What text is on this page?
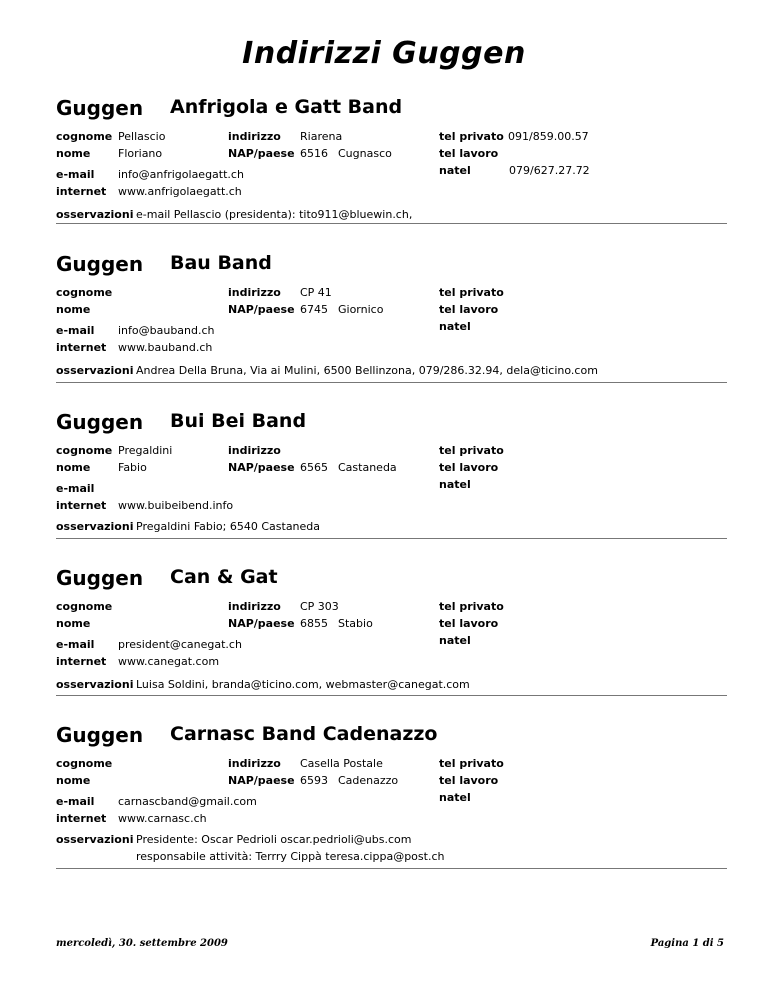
Indirizzi Guggen
Guggen Anfrigola e Gatt Band
cognome Pellascio
nome	Floriano
e-mail info@anfrigolaegatt.ch
internet www.anfrigolaegatt.ch
indirizzo Riarena
NAP/paese 6516 Cugnasco
tel privato 091/859.00.57
tel lavoro
natel	079/627.27.72
osservazioni e-mail Pellascio (presidenta): tito911@bluewin.ch,
Guggen Bau Band
cognome
nome
e-mail info@bauband.ch
internet www.bauband.ch
indirizzo CP 41
NAP/paese 6745 Giornico
tel privato
tel lavoro
natel
osservazioni Andrea Della Bruna, Via ai Mulini, 6500 Bellinzona, 079/286.32.94, dela@ticino.com
Guggen Bui Bei Band
cognome Pregaldini
nome	Fabio
e-mail
internet www.buibeibend.info
indirizzo
NAP/paese 6565 Castaneda
tel privato
tel lavoro
natel
osservazioni Pregaldini Fabio; 6540 Castaneda
Guggen Can & Gat
cognome
nome
e-mail president@canegat.ch
internet www.canegat.com
indirizzo CP 303
NAP/paese 6855 Stabio
tel privato
tel lavoro
natel
osservazioni Luisa Soldini, branda@ticino.com, webmaster@canegat.com
Guggen Carnasc Band Cadenazzo
cognome
nome
e-mail carnascband@gmail.com
internet www.carnasc.ch
indirizzo Casella Postale
NAP/paese 6593 Cadenazzo
tel privato
tel lavoro
natel
osservazioni Presidente: Oscar Pedrioli oscar.pedrioli@ubs.com
responsabile attività: Terrry Cippà teresa.cippa@post.ch
mercoledì, 30. settembre 2009	Pagina 1 di 5
